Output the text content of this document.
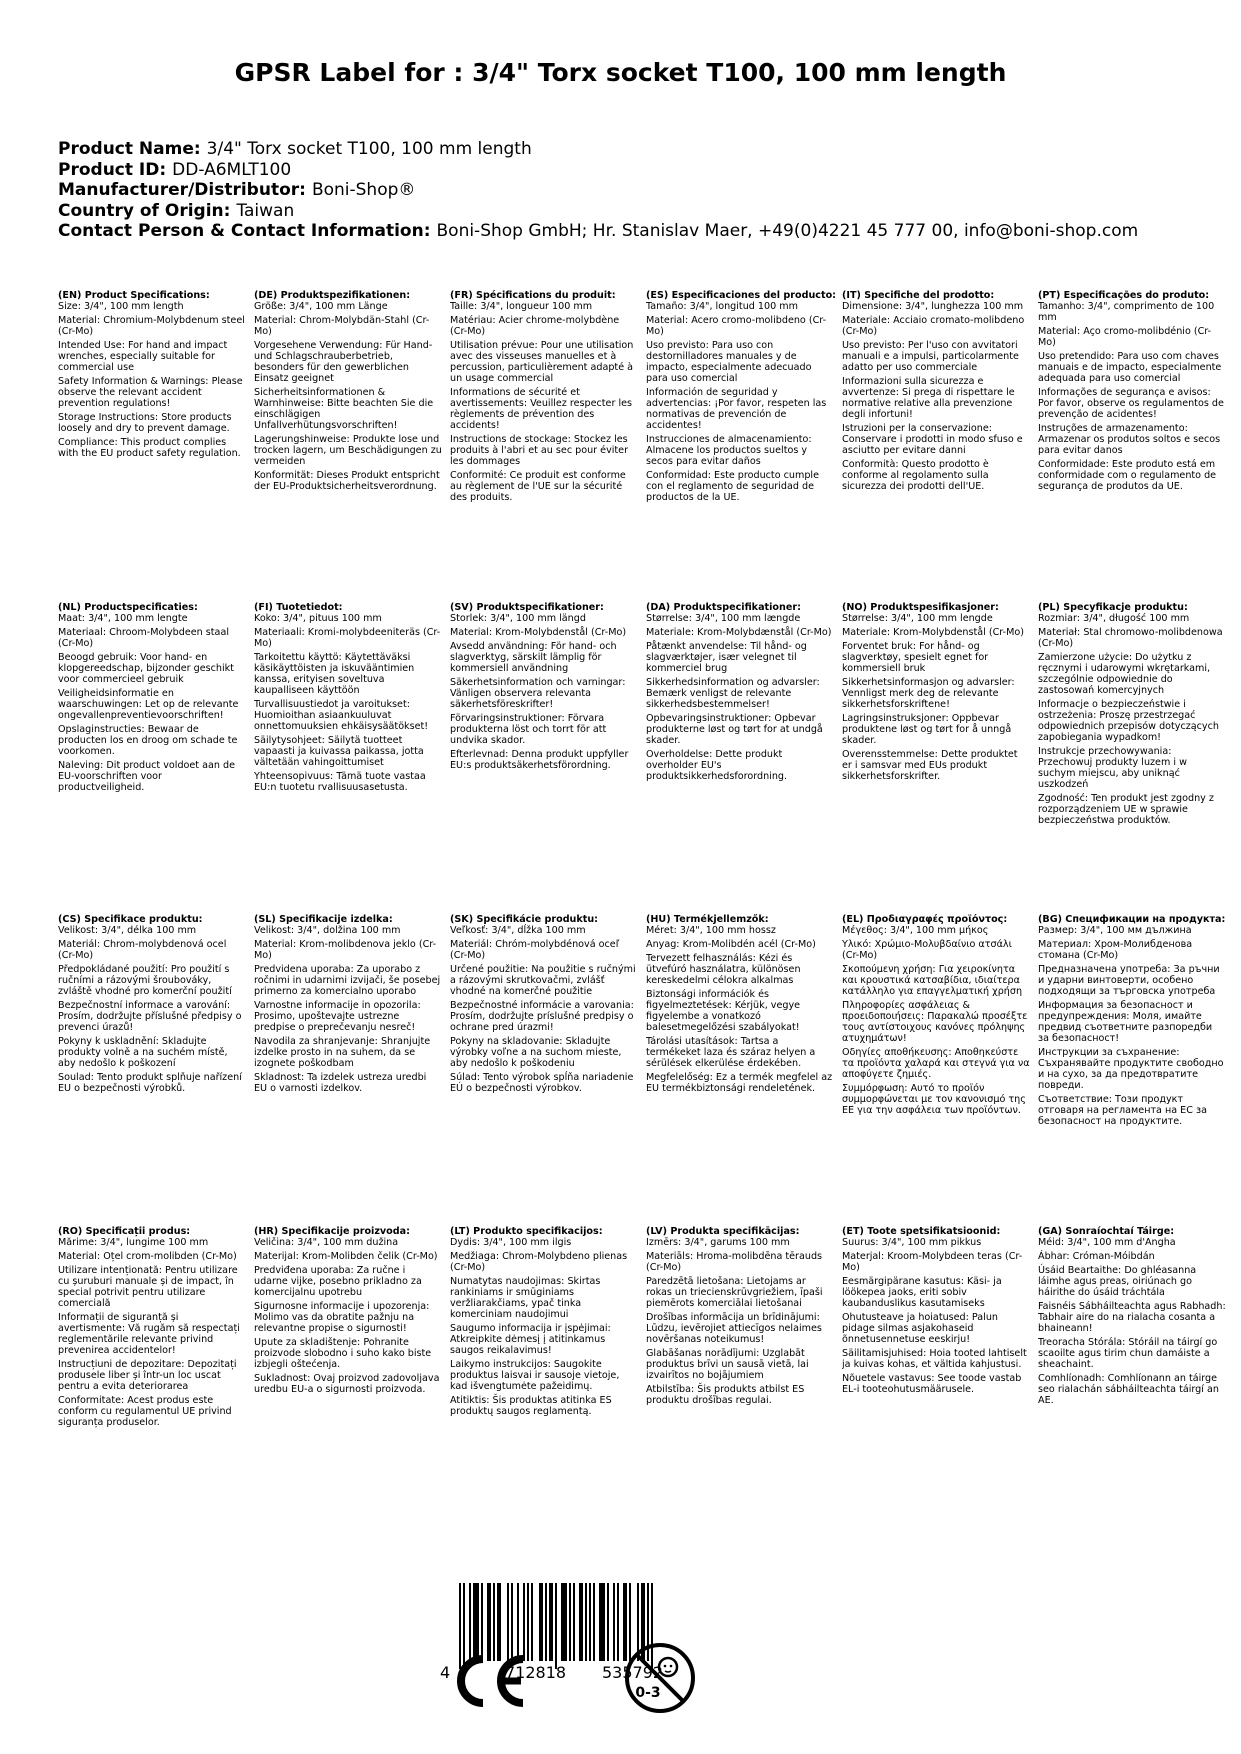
GPSR Label for : 3/4" Torx socket T100, 100 mm length
Product Name: 3/4" Torx socket T100, 100 mm length
Product ID: DD-A6MLT100
Manufacturer/Distributor: Boni-Shop®
Country of Origin: Taiwan
Contact Person & Contact Information: Boni-Shop GmbH; Hr. Stanislav Maer, +49(0)4221 45 777 00, info@boni-shop.com
(EN) Product Specifications:
Size: 3/4", 100 mm length
Material: Chromium-Molybdenum steel (Cr-Mo)
Intended Use: For hand and impact wrenches, especially suitable for commercial use
Safety Information & Warnings: Please observe the relevant accident prevention regulations!
Storage Instructions: Store products loosely and dry to prevent damage.
Compliance: This product complies with the EU product safety regulation.
(DE) Produktspezifikationen:
Größe: 3/4", 100 mm Länge
Material: Chrom-Molybdän-Stahl (Cr-Mo)
Vorgesehene Verwendung: Für Hand- und Schlagschrauberbetrieb, besonders für den gewerblichen Einsatz geeignet
Sicherheitsinformationen & Warnhinweise: Bitte beachten Sie die einschlägigen Unfallverhütungsvorschriften!
Lagerungshinweise: Produkte lose und trocken lagern, um Beschädigungen zu vermeiden
Konformität: Dieses Produkt entspricht der EU-Produktsicherheitsverordnung.
(FR) Spécifications du produit:
Taille: 3/4", longueur 100 mm
Matériau: Acier chrome-molybdène (Cr-Mo)
Utilisation prévue: Pour une utilisation avec des visseuses manuelles et à percussion, particulièrement adapté à un usage commercial
Informations de sécurité et avertissements: Veuillez respecter les règlements de prévention des accidents!
Instructions de stockage: Stockez les produits à l'abri et au sec pour éviter les dommages
Conformité: Ce produit est conforme au règlement de l'UE sur la sécurité des produits.
(ES) Especificaciones del producto:
Tamaño: 3/4", longitud 100 mm
Material: Acero cromo-molibdeno (Cr-Mo)
Uso previsto: Para uso con destornilladores manuales y de impacto, especialmente adecuado para uso comercial
Información de seguridad y advertencias: ¡Por favor, respeten las normativas de prevención de accidentes!
Instrucciones de almacenamiento: Almacene los productos sueltos y secos para evitar daños
Conformidad: Este producto cumple con el reglamento de seguridad de productos de la UE.
(IT) Specifiche del prodotto:
Dimensione: 3/4", lunghezza 100 mm
Materiale: Acciaio cromato-molibdeno (Cr-Mo)
Uso previsto: Per l'uso con avvitatori manuali e a impulsi, particolarmente adatto per uso commerciale
Informazioni sulla sicurezza e avvertenze: Si prega di rispettare le normative relative alla prevenzione degli infortuni!
Istruzioni per la conservazione: Conservare i prodotti in modo sfuso e asciutto per evitare danni
Conformità: Questo prodotto è conforme al regolamento sulla sicurezza dei prodotti dell'UE.
(PT) Especificações do produto:
Tamanho: 3/4", comprimento de 100 mm
Material: Aço cromo-molibdénio (Cr-Mo)
Uso pretendido: Para uso com chaves manuais e de impacto, especialmente adequada para uso comercial
Informações de segurança e avisos: Por favor, observe os regulamentos de prevenção de acidentes!
Instruções de armazenamento: Armazenar os produtos soltos e secos para evitar danos
Conformidade: Este produto está em conformidade com o regulamento de segurança de produtos da UE.
(NL) Productspecificaties:
Maat: 3/4", 100 mm lengte
Materiaal: Chroom-Molybdeen staal (Cr-Mo)
Beoogd gebruik: Voor hand- en klopgereedschap, bijzonder geschikt voor commercieel gebruik
Veiligheidsinformatie en waarschuwingen: Let op de relevante ongevallenpreventievoorschriften!
Opslaginstructies: Bewaar de producten los en droog om schade te voorkomen.
Naleving: Dit product voldoet aan de EU-voorschriften voor productveiligheid.
(FI) Tuotetiedot:
Koko: 3/4", pituus 100 mm
Materiaali: Kromi-molybdeeniteräs (Cr-Mo)
Tarkoitettu käyttö: Käytettäväksi käsikäyttöisten ja iskuvääntimien kanssa, erityisen soveltuva kaupalliseen käyttöön
Turvallisuustiedot ja varoitukset: Huomioithan asiaankuuluvat onnettomuuksien ehkäisysäätökset!
Säilytysohjeet: Säilytä tuotteet vapaasti ja kuivassa paikassa, jotta vältetään vahingoittumiset
Yhteensopivuus: Tämä tuote vastaa EU:n tuotetu rvallisuusasetusta.
(SV) Produktspecifikationer:
Storlek: 3/4", 100 mm längd
Material: Krom-Molybdenstål (Cr-Mo)
Avsedd användning: För hand- och slagverktyg, särskilt lämplig för kommersiell användning
Säkerhetsinformation och varningar: Vänligen observera relevanta säkerhetsföreskrifter!
Förvaringsinstruktioner: Förvara produkterna löst och torrt för att undvika skador.
Efterlevnad: Denna produkt uppfyller EU:s produktsäkerhetsförordning.
(DA) Produktspecifikationer:
Størrelse: 3/4", 100 mm længde
Materiale: Krom-Molybdænstål (Cr-Mo)
Påtænkt anvendelse: Til hånd- og slagværktøjer, især velegnet til kommerciel brug
Sikkerhedsinformation og advarsler: Bemærk venligst de relevante sikkerhedsbestemmelser!
Opbevaringsinstruktioner: Opbevar produkterne løst og tørt for at undgå skader.
Overholdelse: Dette produkt overholder EU's produktsikkerhedsforordning.
(NO) Produktspesifikasjoner:
Størrelse: 3/4", 100 mm lengde
Materiale: Krom-Molybdenstål (Cr-Mo)
Forventet bruk: For hånd- og slagverktøy, spesielt egnet for kommersiell bruk
Sikkerhetsinformasjon og advarsler: Vennligst merk deg de relevante sikkerhetsforskriftene!
Lagringsinstruksjoner: Oppbevar produktene løst og tørt for å unngå skader.
Overensstemmelse: Dette produktet er i samsvar med EUs produkt sikkerhetsforskrifter.
(PL) Specyfikacje produktu:
Rozmiar: 3/4", długość 100 mm
Materiał: Stal chromowo-molibdenowa (Cr-Mo)
Zamierzone użycie: Do użytku z ręcznymi i udarowymi wkrętarkami, szczególnie odpowiednie do zastosowań komercyjnych
Informacje o bezpieczeństwie i ostrzeżenia: Proszę przestrzegać odpowiednich przepisów dotyczących zapobiegania wypadkom!
Instrukcje przechowywania: Przechowuj produkty luzem i w suchym miejscu, aby uniknąć uszkodzeń
Zgodność: Ten produkt jest zgodny z rozporządzeniem UE w sprawie bezpieczeństwa produktów.
(CS) Specifikace produktu:
Velikost: 3/4", délka 100 mm
Materiál: Chrom-molybdenová ocel (Cr-Mo)
Předpokládané použití: Pro použití s ručními a rázovými šroubováky, zvláště vhodné pro komerční použití
Bezpečnostní informace a varování: Prosím, dodržujte příslušné předpisy o prevenci úrazů!
Pokyny k uskladnění: Skladujte produkty volně a na suchém místě, aby nedošlo k poškození
Soulad: Tento produkt splňuje nařízení EU o bezpečnosti výrobků.
(SL) Specifikacije izdelka:
Velikost: 3/4", dolžina 100 mm
Material: Krom-molibdenova jeklo (Cr-Mo)
Predvidena uporaba: Za uporabo z ročnimi in udarnimi izvijači, še posebej primerno za komercialno uporabo
Varnostne informacije in opozorila: Prosimo, upoštevajte ustrezne predpise o preprečevanju nesreč!
Navodila za shranjevanje: Shranjujte izdelke prosto in na suhem, da se izognete poškodbam
Skladnost: Ta izdelek ustreza uredbi EU o varnosti izdelkov.
(SK) Špecifikácie produktu:
Veľkosť: 3/4", dĺžka 100 mm
Materiál: Chróm-molybdénová oceľ (Cr-Mo)
Určené použitie: Na použitie s ručnými a rázovými skrutkovačmi, zvlášť vhodné na komerčné použitie
Bezpečnostné informácie a varovania: Prosím, dodržujte príslušné predpisy o ochrane pred úrazmi!
Pokyny na skladovanie: Skladujte výrobky voľne a na suchom mieste, aby nedošlo k poškodeniu
Súlad: Tento výrobok spĺňa nariadenie EÚ o bezpečnosti výrobkov.
(HU) Termékjellemzők:
Méret: 3/4", 100 mm hossz
Anyag: Krom-Molibdén acél (Cr-Mo)
Tervezett felhasználás: Kézi és ütvefúró használatra, különösen kereskedelmi célokra alkalmas
Biztonsági információk és figyelmeztetések: Kérjük, vegye figyelembe a vonatkozó balesetmegelőzési szabályokat!
Tárolási utasítások: Tartsa a termékeket laza és száraz helyen a sérülések elkerülése érdekében.
Megfelelőség: Ez a termék megfelel az EU termékbiztonsági rendeletének.
(EL) Προδιαγραφές προϊόντος:
Μέγεθος: 3/4", 100 mm μήκος
Υλικό: Χρώμιο-Μολυβδαίνιο ατσάλι (Cr-Mo)
Σκοπούμενη χρήση: Για χειροκίνητα και κρουστικά κατσαβίδια, ιδιαίτερα κατάλληλο για επαγγελματική χρήση
Πληροφορίες ασφάλειας & προειδοποιήσεις: Παρακαλώ προσέξτε τους αντίστοιχους κανόνες πρόληψης ατυχημάτων!
Οδηγίες αποθήκευσης: Αποθηκεύστε τα προϊόντα χαλαρά και στεγνά για να αποφύγετε ζημιές.
Συμμόρφωση: Αυτό το προϊόν συμμορφώνεται με τον κανονισμό της ΕΕ για την ασφάλεια των προϊόντων.
(BG) Спецификации на продукта:
Размер: 3/4", 100 мм дължина
Материал: Хром-Молибденова стомана (Cr-Mo)
Предназначена употреба: За ръчни и ударни винтоверти, особено подходящи за търговска употреба
Информация за безопасност и предупреждения: Моля, имайте предвид съответните разпоредби за безопасност!
Инструкции за съхранение: Съхранявайте продуктите свободно и на сухо, за да предотвратите повреди.
Съответствие: Този продукт отговаря на регламента на ЕС за безопасност на продуктите.
(RO) Specificații produs:
Mărime: 3/4", lungime 100 mm
Material: Oțel crom-molibden (Cr-Mo)
Utilizare intenționată: Pentru utilizare cu șuruburi manuale și de impact, în special potrivit pentru utilizare comercială
Informații de siguranță și avertismente: Vă rugăm să respectați reglementările relevante privind prevenirea accidentelor!
Instrucțiuni de depozitare: Depozitați produsele liber și într-un loc uscat pentru a evita deteriorarea
Conformitate: Acest produs este conform cu regulamentul UE privind siguranța produselor.
(HR) Specifikacije proizvoda:
Veličina: 3/4", 100 mm dužina
Materijal: Krom-Molibden čelik (Cr-Mo)
Predviđena uporaba: Za ručne i udarne vijke, posebno prikladno za komercijalnu upotrebu
Sigurnosne informacije i upozorenja: Molimo vas da obratite pažnju na relevantne propise o sigurnosti!
Upute za skladištenje: Pohranite proizvode slobodno i suho kako biste izbjegli oštećenja.
Sukladnost: Ovaj proizvod zadovoljava uredbu EU-a o sigurnosti proizvoda.
(LT) Produkto specifikacijos:
Dydis: 3/4", 100 mm ilgis
Medžiaga: Chrom-Molybdeno plienas (Cr-Mo)
Numatytas naudojimas: Skirtas rankiniams ir smūginiams veržliarakčiams, ypač tinka komerciniam naudojimui
Saugumo informacija ir įspėjimai: Atkreipkite dėmesį į atitinkamus saugos reikalavimus!
Laikymo instrukcijos: Saugokite produktus laisvai ir sausoje vietoje, kad išvengtumėte pažeidimų.
Atitiktis: Šis produktas atitinka ES produktų saugos reglamentą.
(LV) Produkta specifikācijas:
Izmērs: 3/4", garums 100 mm
Materiāls: Hroma-molibdēna tērauds (Cr-Mo)
Paredzētā lietošana: Lietojams ar rokas un triecienskrūvgriežiem, īpaši piemērots komerciālai lietošanai
Drošības informācija un brīdinājumi: Lūdzu, ievērojiet attiecīgos nelaimes novēršanas noteikumus!
Glabāšanas norādījumi: Uzglabāt produktus brīvi un sausā vietā, lai izvairītos no bojājumiem
Atbilstība: Šis produkts atbilst ES produktu drošības regulai.
(ET) Toote spetsifikatsioonid:
Suurus: 3/4", 100 mm pikkus
Materjal: Kroom-Molybdeen teras (Cr-Mo)
Eesmärgipärane kasutus: Käsi- ja löökepea jaoks, eriti sobiv kaubanduslikus kasutamiseks
Ohutusteave ja hoiatused: Palun pidage silmas asjakohaseid õnnetusennetuse eeskirju!
Säilitamisjuhised: Hoia tooted lahtiselt ja kuivas kohas, et vältida kahjustusi.
Nõuetele vastavus: See toode vastab EL-i tooteohutusmäärusele.
(GA) Sonraíochtaí Táirge:
Méid: 3/4", 100 mm d'Angha
Ábhar: Cróman-Móibdán
Úsáid Beartaithe: Do ghléasanna láimhe agus preas, oiriúnach go háirithe do úsáid tráchtála
Faisnéis Sábháilteachta agus Rabhadh: Tabhair aire do na rialacha cosanta a bhaineann!
Treoracha Stórála: Stóráil na táirgí go scaoilte agus tirim chun damáiste a sheachaint.
Comhlíonadh: Comhlíonann an táirge seo rialachán sábháilteachta táirgí an AE.
4	712818 535792
0-3
